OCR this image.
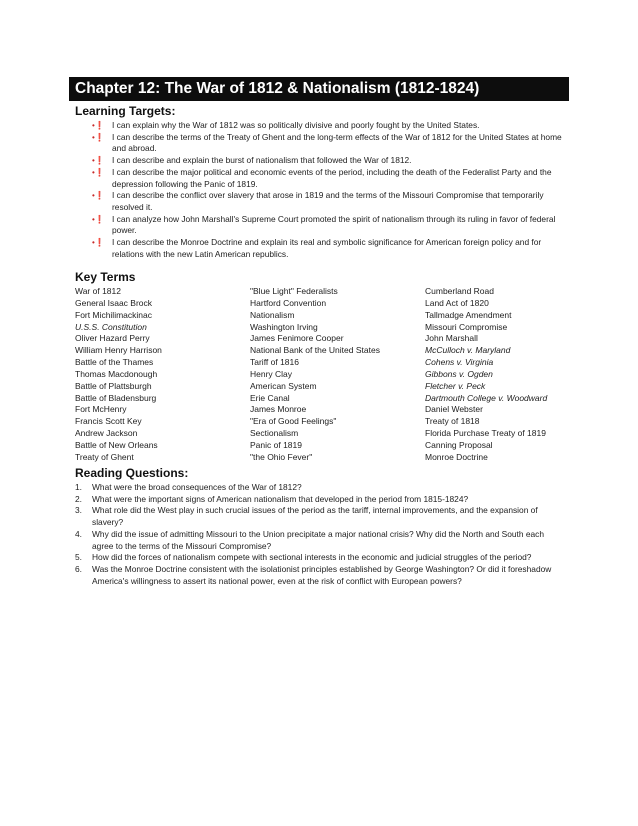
Chapter 12: The War of 1812 & Nationalism (1812-1824)
Learning Targets:
•❗ I can explain why the War of 1812 was so politically divisive and poorly fought by the United States.
•❗ I can describe the terms of the Treaty of Ghent and the long-term effects of the War of 1812 for the United States at home and abroad.
•❗ I can describe and explain the burst of nationalism that followed the War of 1812.
•❗ I can describe the major political and economic events of the period, including the death of the Federalist Party and the depression following the Panic of 1819.
•❗ I can describe the conflict over slavery that arose in 1819 and the terms of the Missouri Compromise that temporarily resolved it.
•❗ I can analyze how John Marshall's Supreme Court promoted the spirit of nationalism through its ruling in favor of federal power.
•❗ I can describe the Monroe Doctrine and explain its real and symbolic significance for American foreign policy and for relations with the new Latin American republics.
Key Terms
War of 1812
General Isaac Brock
Fort Michilimackinac
U.S.S. Constitution
Oliver Hazard Perry
William Henry Harrison
Battle of the Thames
Thomas Macdonough
Battle of Plattsburgh
Battle of Bladensburg
Fort McHenry
Francis Scott Key
Andrew Jackson
Battle of New Orleans
Treaty of Ghent
"Blue Light" Federalists
Hartford Convention
Nationalism
Washington Irving
James Fenimore Cooper
National Bank of the United States
Tariff of 1816
Henry Clay
American System
Erie Canal
James Monroe
"Era of Good Feelings"
Sectionalism
Panic of 1819
"the Ohio Fever"
Cumberland Road
Land Act of 1820
Tallmadge Amendment
Missouri Compromise
John Marshall
McCulloch v. Maryland
Cohens v. Virginia
Gibbons v. Ogden
Fletcher v. Peck
Dartmouth College v. Woodward
Daniel Webster
Treaty of 1818
Florida Purchase Treaty of 1819
Canning Proposal
Monroe Doctrine
Reading Questions:
1. What were the broad consequences of the War of 1812?
2. What were the important signs of American nationalism that developed in the period from 1815-1824?
3. What role did the West play in such crucial issues of the period as the tariff, internal improvements, and the expansion of slavery?
4. Why did the issue of admitting Missouri to the Union precipitate a major national crisis? Why did the North and South each agree to the terms of the Missouri Compromise?
5. How did the forces of nationalism compete with sectional interests in the economic and judicial struggles of the period?
6. Was the Monroe Doctrine consistent with the isolationist principles established by George Washington? Or did it foreshadow America's willingness to assert its national power, even at the risk of conflict with European powers?
